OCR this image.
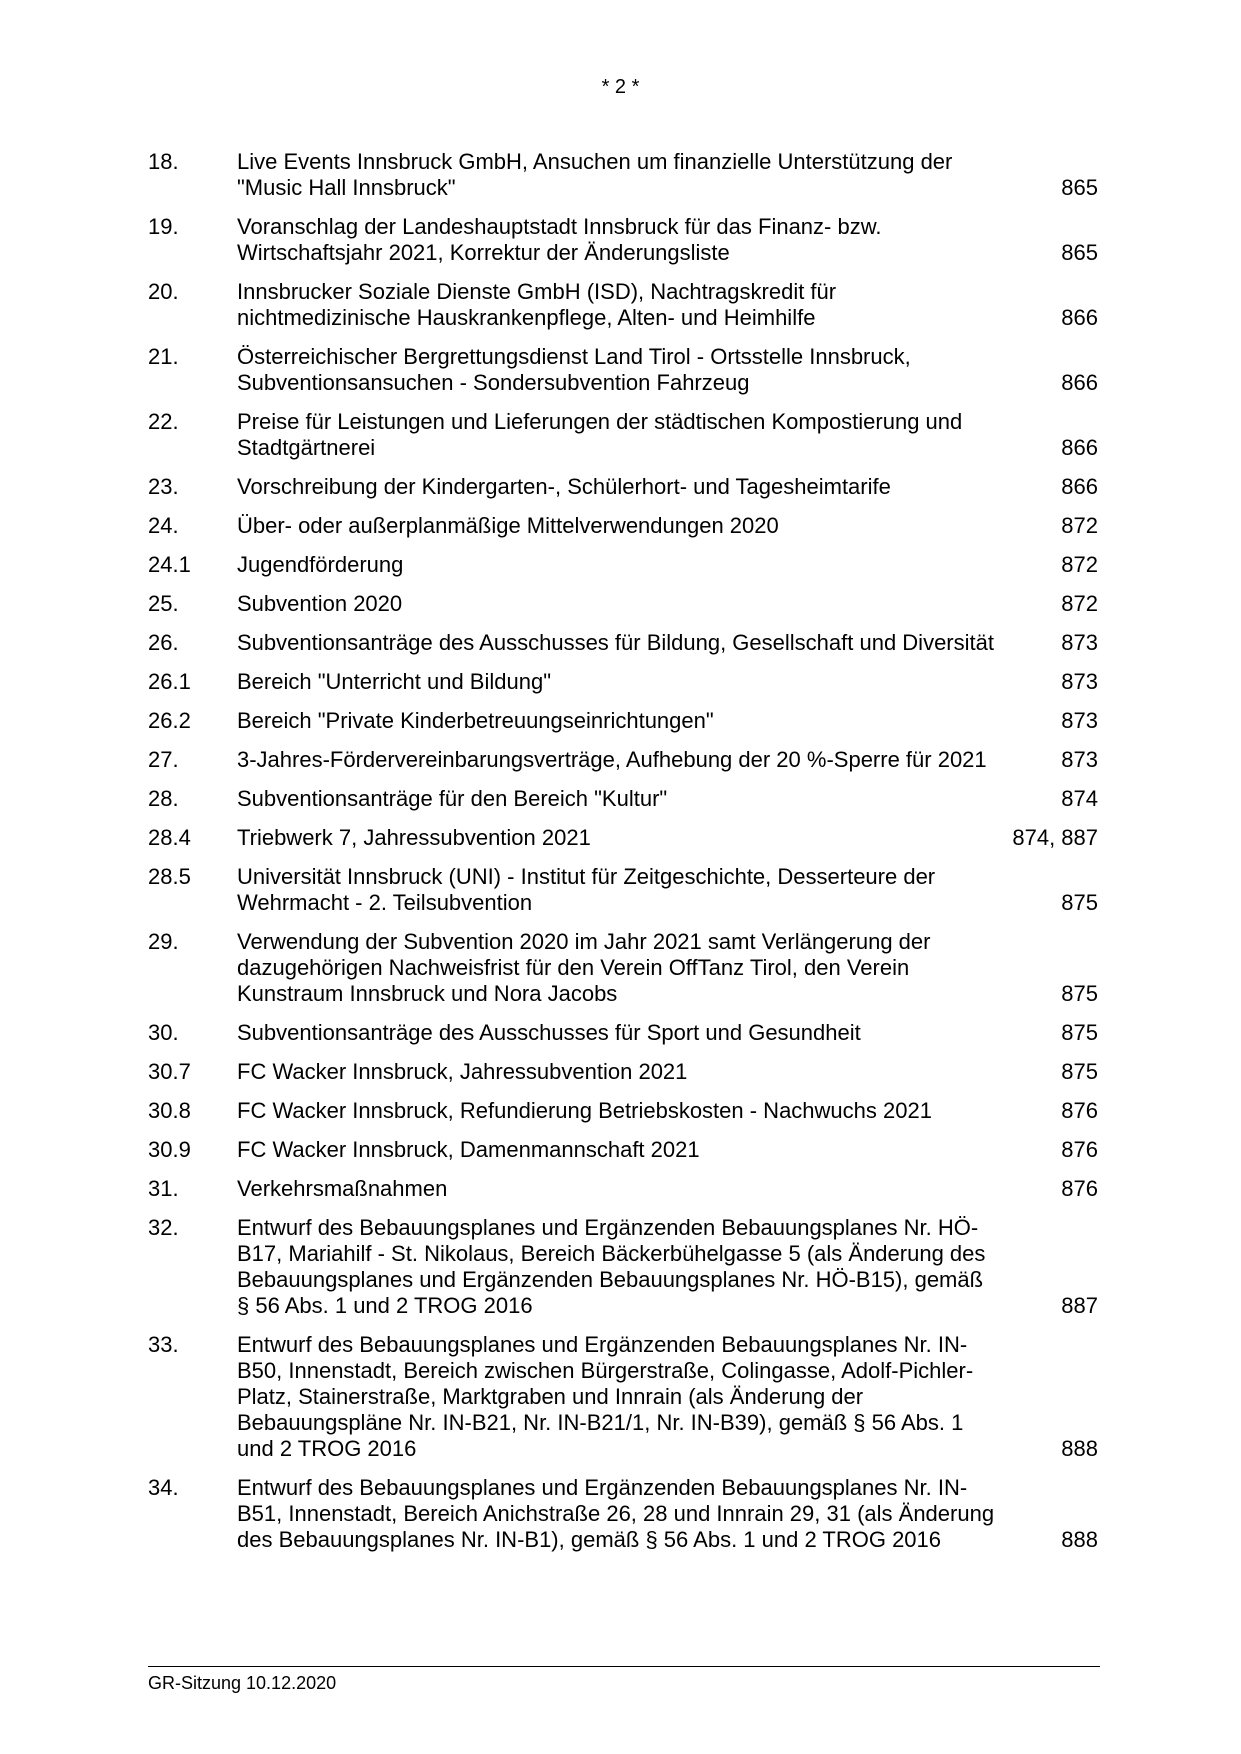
* 2 *
18.	Live Events Innsbruck GmbH, Ansuchen um finanzielle Unterstützung der "Music Hall Innsbruck"	865
19.	Voranschlag der Landeshauptstadt Innsbruck für das Finanz- bzw. Wirtschaftsjahr 2021, Korrektur der Änderungsliste	865
20.	Innsbrucker Soziale Dienste GmbH (ISD), Nachtragskredit für nichtmedizinische Hauskrankenpflege, Alten- und Heimhilfe	866
21.	Österreichischer Bergrettungsdienst Land Tirol - Ortsstelle Innsbruck, Subventionsansuchen - Sondersubvention Fahrzeug	866
22.	Preise für Leistungen und Lieferungen der städtischen Kompostierung und Stadtgärtnerei	866
23.	Vorschreibung der Kindergarten-, Schülerhort- und Tagesheimtarife	866
24.	Über- oder außerplanmäßige Mittelverwendungen 2020	872
24.1	Jugendförderung	872
25.	Subvention 2020	872
26.	Subventionsanträge des Ausschusses für Bildung, Gesellschaft und Diversität	873
26.1	Bereich "Unterricht und Bildung"	873
26.2	Bereich "Private Kinderbetreuungseinrichtungen"	873
27.	3-Jahres-Fördervereinbarungsverträge, Aufhebung der 20 %-Sperre für 2021	873
28.	Subventionsanträge für den Bereich "Kultur"	874
28.4	Triebwerk 7, Jahressubvention 2021	874, 887
28.5	Universität Innsbruck (UNI) - Institut für Zeitgeschichte, Desserteure der Wehrmacht - 2. Teilsubvention	875
29.	Verwendung der Subvention 2020 im Jahr 2021 samt Verlängerung der dazugehörigen Nachweisfrist für den Verein OffTanz Tirol, den Verein Kunstraum Innsbruck und Nora Jacobs	875
30.	Subventionsanträge des Ausschusses für Sport und Gesundheit	875
30.7	FC Wacker Innsbruck, Jahressubvention 2021	875
30.8	FC Wacker Innsbruck, Refundierung Betriebskosten - Nachwuchs 2021	876
30.9	FC Wacker Innsbruck, Damenmannschaft 2021	876
31.	Verkehrsmaßnahmen	876
32.	Entwurf des Bebauungsplanes und Ergänzenden Bebauungsplanes Nr. HÖ-B17, Mariahilf - St. Nikolaus, Bereich Bäckerbühelgasse 5 (als Änderung des Bebauungsplanes und Ergänzenden Bebauungsplanes Nr. HÖ-B15), gemäß § 56 Abs. 1 und 2 TROG 2016	887
33.	Entwurf des Bebauungsplanes und Ergänzenden Bebauungsplanes Nr. IN-B50, Innenstadt, Bereich zwischen Bürgerstraße, Colingasse, Adolf-Pichler-Platz, Stainerstraße, Marktgraben und Innrain (als Änderung der Bebauungspläne Nr. IN-B21, Nr. IN-B21/1, Nr. IN-B39), gemäß § 56 Abs. 1 und 2 TROG 2016	888
34.	Entwurf des Bebauungsplanes und Ergänzenden Bebauungsplanes Nr. IN-B51, Innenstadt, Bereich Anichstraße 26, 28 und Innrain 29, 31 (als Änderung des Bebauungsplanes Nr. IN-B1), gemäß § 56 Abs. 1 und 2 TROG 2016	888
GR-Sitzung 10.12.2020
